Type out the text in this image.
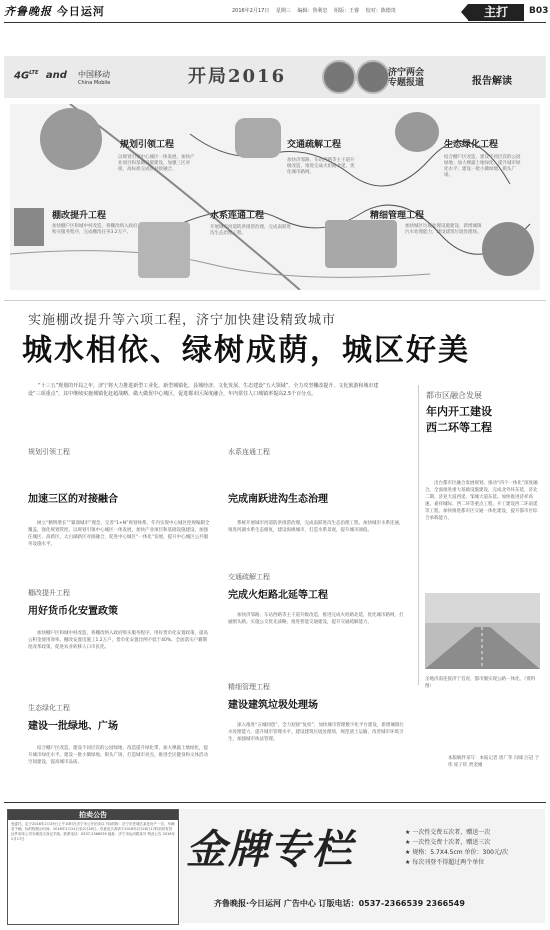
齐鲁晚报 今日运河	2016年2月17日 星期三 编辑：鲁利忠 组版：王睿 校对：陈德贵	主打	B03
$4G^{LTE}$ and 中国移动
China Mobile	开局2016	济宁两会
专题报道	报告解读
规划引领工程
以规划引领中心城区一体发展，加快产业项目和基础设施建设，加强三区对接，高标准完成区对接融合。
交通疏解工程
加快济邹路、车站西路等主干道升级改造，推进完成火炬路北延，优化城市路网。
生态绿化工程
结合棚户区改造，建设不同层次的公园绿地；加大裸露土地绿化，提升城市绿化水平；建设一批小微绿地、街头广场。
棚改提升工程
加快棚户区和城中村改造，将棚改纳入政府购买服务程序，完成棚改任务3.2万户。
水系连通工程
开展城市河道防洪排涝治理，完成南跃进沟生态治理工程。
精细管理工程
加快城区垃圾处理设施建设，新增城镇污水处理能力，建设建筑垃圾处理场。
实施棚改提升等六项工程，济宁加快建设精致城市
城水相依、绿树成荫，城区好美
“十三五”规划的开局之年，济宁将大力推进新型工业化、新型城镇化、县城经济、文化发展、生态建设“五大领域”，全力攻坚棚改提升、文化旅游和城市建设“三项重点”，其中继续实施城镇化赶超战略，做大做优中心城区，促进都市区深度融合，年内常住人口城镇率提高2.5个百分点。	都市区融合发展
年内开工建设
西二环等工程
出台都市区融合发展规划，推动“四个一体化”深度融合。全面推进重大基础设施建设，完成北外环东延、济北二期、济兖大道西延、邹城大道东延。加快推进济祥高速、嘉祥城际、西二环等重点工程，开工建设西二环南延等工程，加快推进都市区交通一体化建设，提升都市区综合承载能力。
圣地济南连接济宁首府，都市圈实现公路一体化。（资料图）
本版稿件采写：本报记者 唐广华 冯啸 汪冠 于伟 庞子钦 贾金刚
规划引领工程
加速三区的对接融合
树立“精明增长”“紧凑城市”理念，完善“1+N”规划体系，年内实现中心城区控规编制全覆盖，强化规划管控。以规划引领中心城区一体发展，加快产业项目和基础设施建设，加强任城区、高新区、太白湖新区对接融合，促进中心城区“一体化”发展，提升中心城区公共服务设施水平。
棚改提升工程
用好货币化安置政策
加快棚户区和城中村改造，将棚改纳入政府购买服务程序，用好货币化安置政策，提高公积金使用效率。棚改安置房施工1.2万户，货币化安置比例不低于40%。全面落实户籍制度改革政策，促进农业转移人口市民化。
生态绿化工程
建设一批绿地、广场
结合棚户区改造，建设不同层次的公园绿地，改造提升绿化带，加大裸露土地绿化，提升城市绿化水平。建设一批小微绿地、街头广场，打造城市亮点，推进全民健身和文体活动空间建设，提高城市品质。
水系连通工程
完成南跃进沟生态治理
系统开展城市河道防洪排涝治理，完成南跃进沟生态治理工程。加快城市水系连通，推进河湖水系生态修复，建设海绵城市，打造水系景观，提升城市颜值。
交通疏解工程
完成火炬路北延等工程
加快济邹路、车站西路等主干道升级改造，推进完成火炬路北延，优化城市路网，打通断头路。实施公交优先战略，推进智能交通建设，提升交通疏解能力。
精细管理工程
建设建筑垃圾处理场
深入推进“五城同创”，全力迎接“复检”，加快城市管理数字化平台建设，新增城镇污水处理能力，提升城市管理水平。建设建筑垃圾处理场，规范渣土运输，改善城市环境卫生，加强城市执法管理。
拍卖公告
受委托，定于2016年2月29日上午10时在济宁市公开拍卖以下标的物：济宁市任城区某处房产一宗、车辆若干辆。标的物展示时间：2016年2月24日至2月26日。有意竞买者请于2016年2月28日17时前持有效证件到本公司办理竞买登记手续。联系电话：0537-2366535 地址：济宁市运河路某号 特此公告 2016年2月17日	金牌专栏
★	一次性交费五次者，赠送一次
★ 一次性交费十次者，赠送三次
★ 规格：5.7X4.5cm 单价：300元/次
★ 每次刊登不得超过两个单位
齐鲁晚报·今日运河 广告中心 订版电话：0537-2366539 2366549
